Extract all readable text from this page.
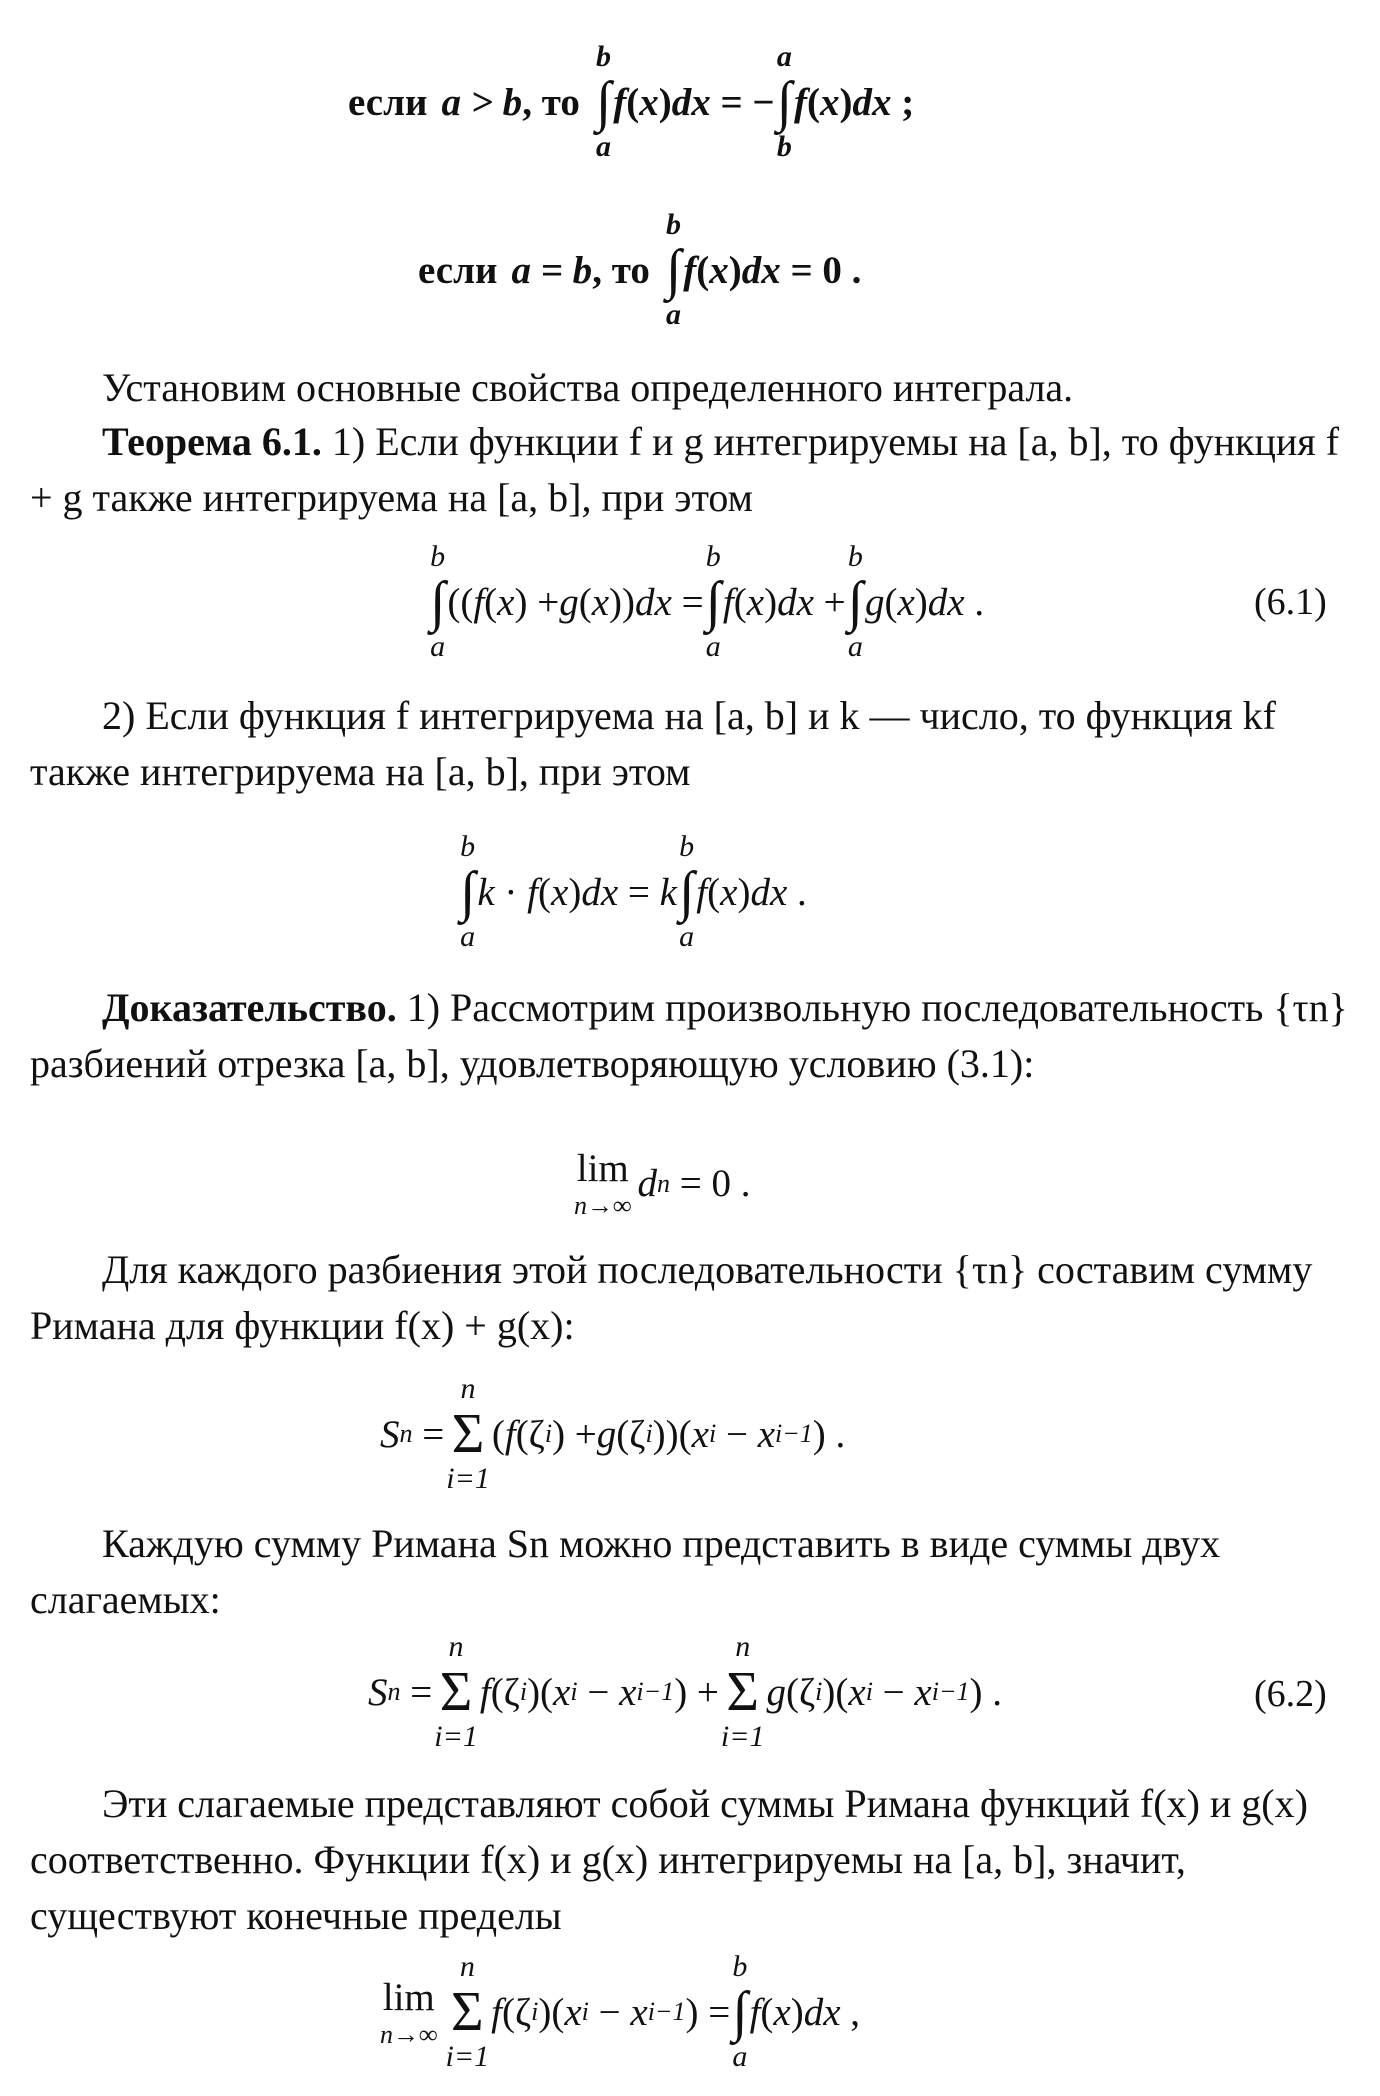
если a > b , то
b
∫
a
f ( x ) dx = −
a
∫
b
f ( x ) dx
;
если a = b , то
b
∫
a
f ( x ) dx
= 0 .
Установим основные свойства определенного интеграла.
Теорема 6.1. 1) Если функции f и g интегрируемы на [a, b], то функция f + g также интегрируема на [a, b], при этом
b
∫
a
(( f ( x ) + g ( x )) dx =
b
∫
a
f ( x ) dx +
b
∫
a
g ( x ) dx .	(6.1)
2) Если функция f интегрируема на [a, b] и k — число, то функция kf также интегрируема на [a, b], при этом
b
∫
a
k · f ( x ) dx = k
b
∫
a
f ( x ) dx .
Доказательство. 1) Рассмотрим произвольную последовательность {τn} разбиений отрезка [a, b], удовлетворяющую условию (3.1):
lim
n→∞
d n = 0 .
Для каждого разбиения этой последовательности {τn} составим сумму Римана для функции f(x) + g(x):
S n =
n
Σ
i=1
( f (ζ i ) + g (ζ i ))( x i − x i−1 ) .
Каждую сумму Римана Sn можно представить в виде суммы двух слагаемых:
S n =
n
Σ
i=1
f (ζ i )( x i − x i−1 ) +
n
Σ
i=1
g (ζ i )( x i − x i−1 ) .	(6.2)
Эти слагаемые представляют собой суммы Римана функций f(x) и g(x) соответственно. Функции f(x) и g(x) интегрируемы на [a, b], значит, существуют конечные пределы
lim
n→∞
n
Σ
i=1
f (ζ i )( x i − x i−1 ) =
b
∫
a
f ( x ) dx ,
